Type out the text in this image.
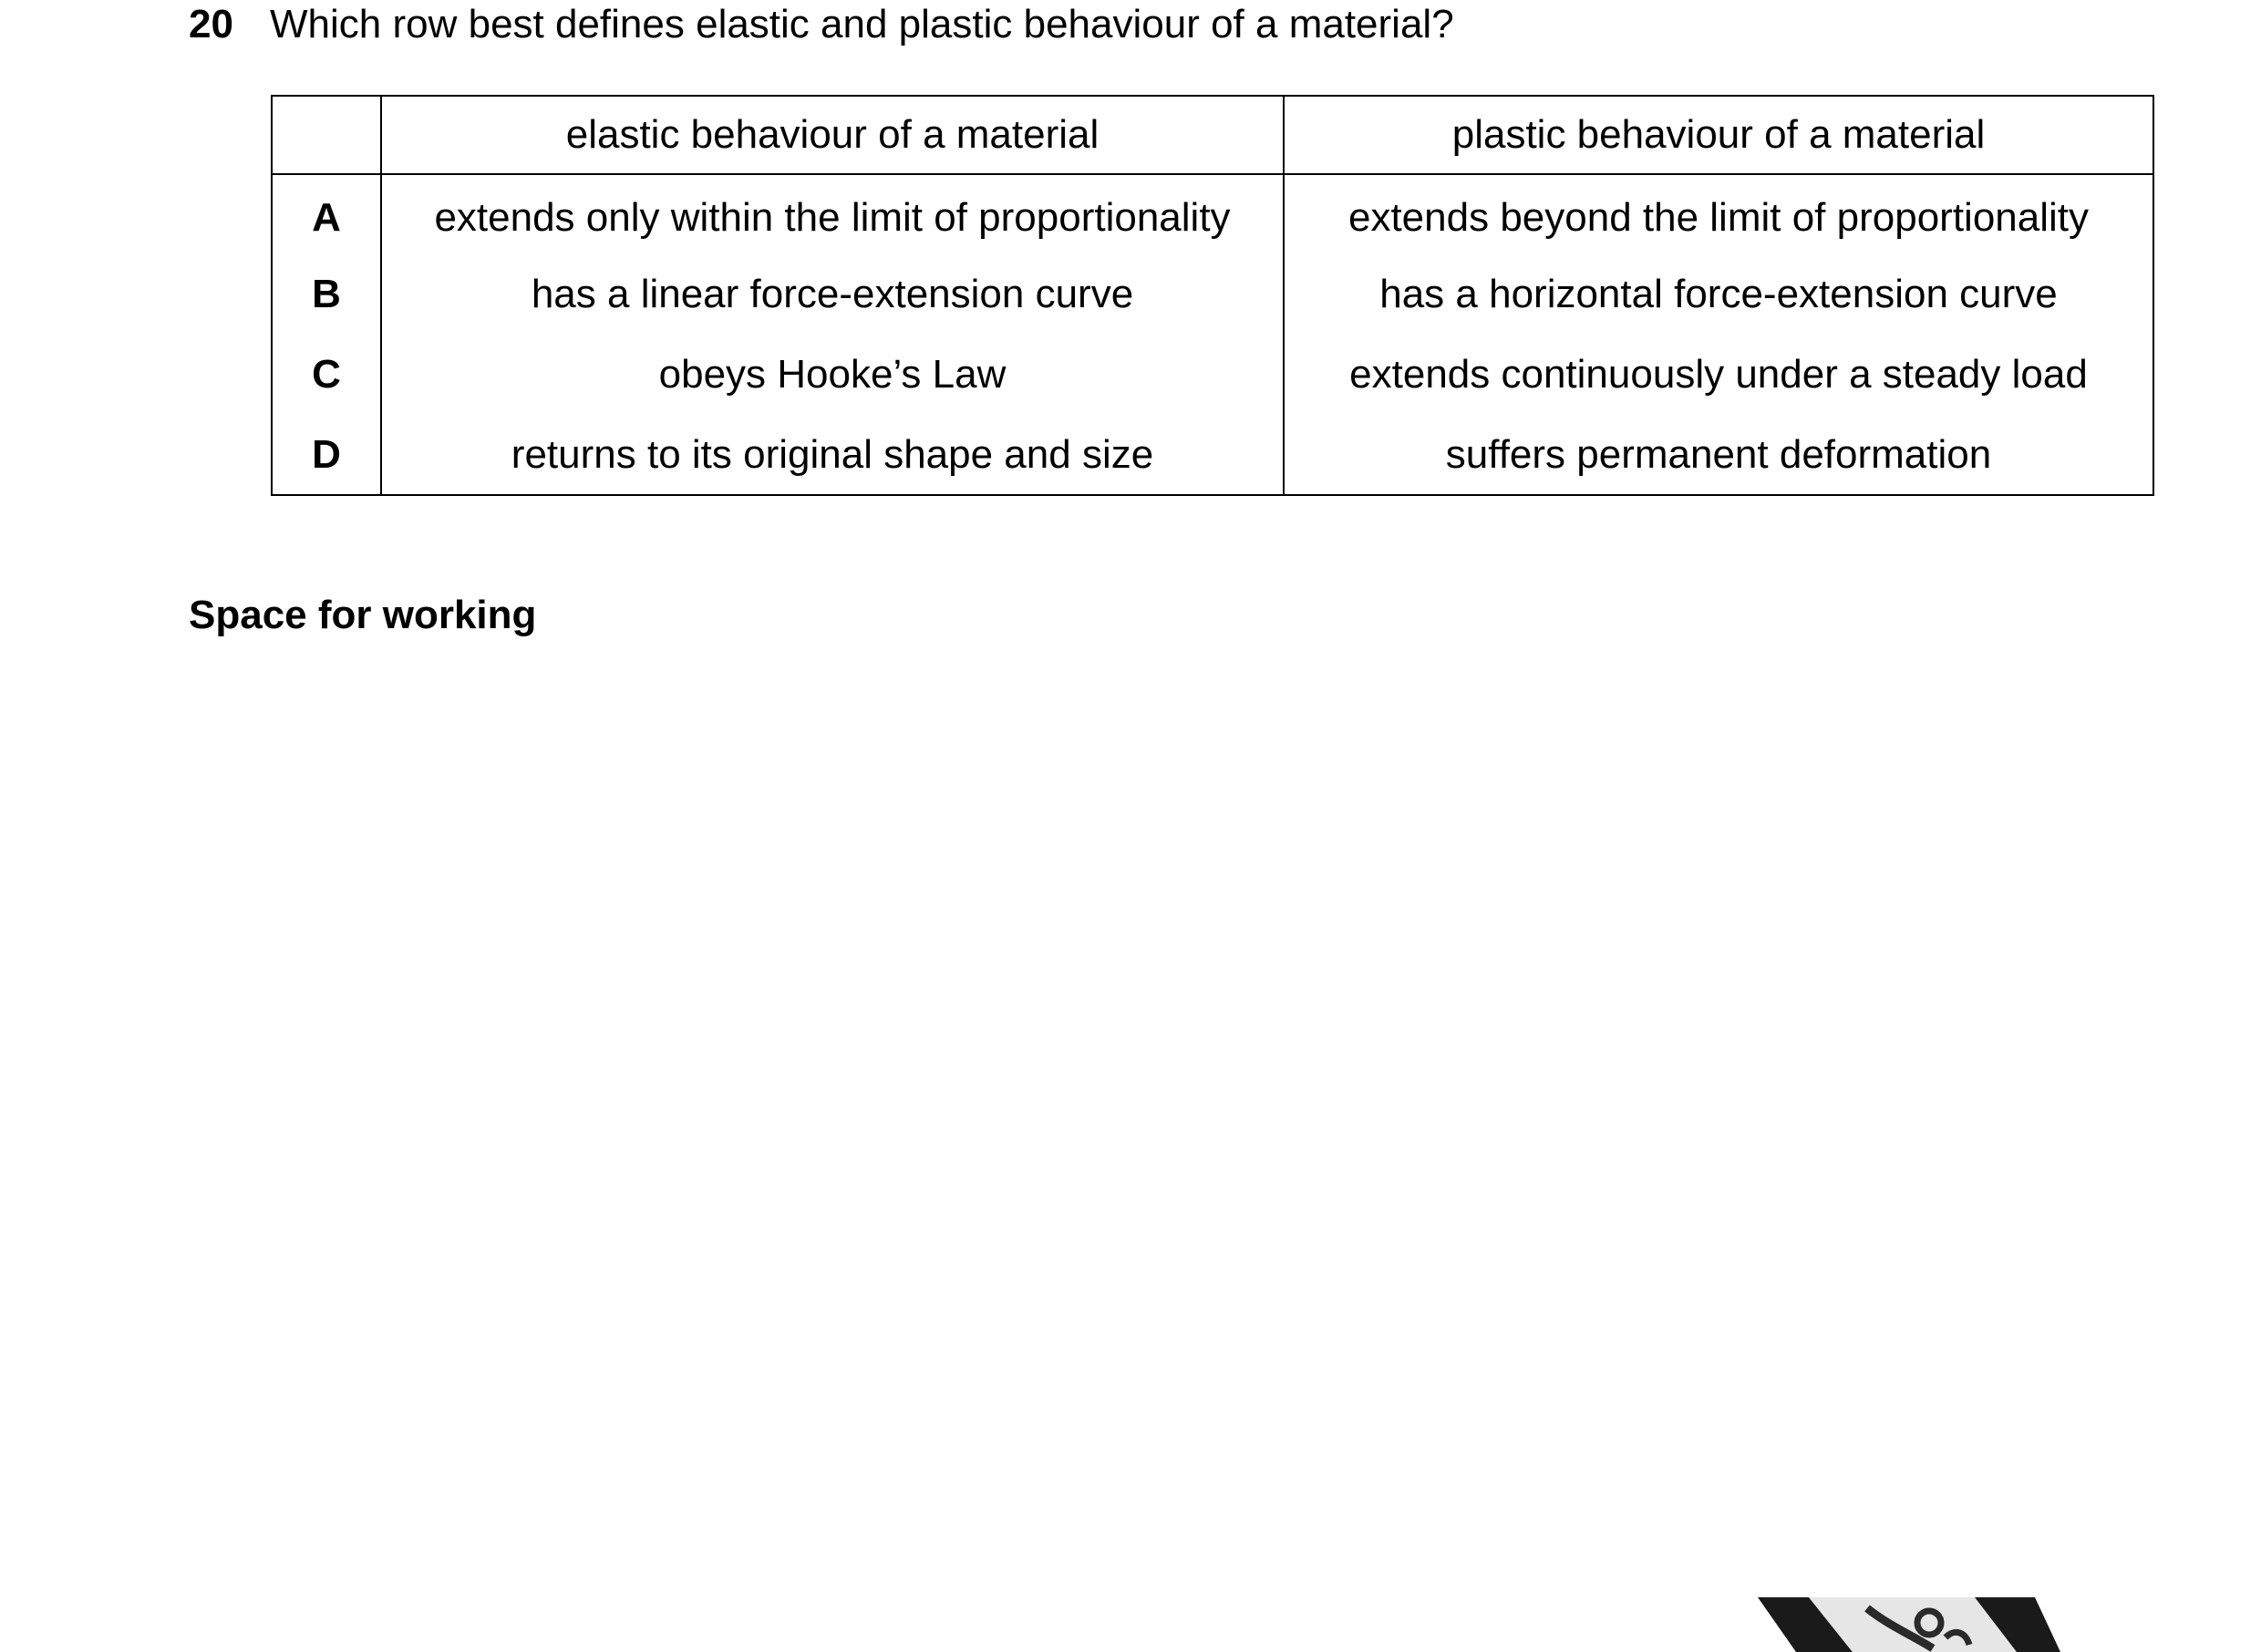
20 Which row best defines elastic and plastic behaviour of a material?
	elastic behaviour of a material	plastic behaviour of a material
A	extends only within the limit of proportionality	extends beyond the limit of proportionality
B	has a linear force-extension curve	has a horizontal force-extension curve
C	obeys Hooke’s Law	extends continuously under a steady load
D	returns to its original shape and size	suffers permanent deformation
Space for working
